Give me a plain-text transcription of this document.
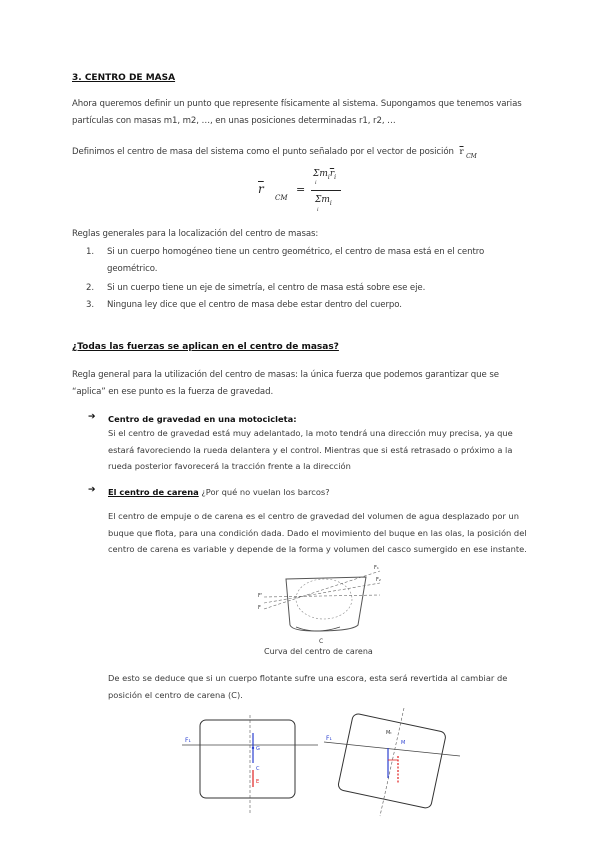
3. CENTRO DE MASA
Ahora queremos definir un punto que represente físicamente al sistema. Supongamos que tenemos varias partículas con masas m1, m2, …, en unas posiciones determinadas r1, r2, …
Definimos el centro de masa del sistema como el punto señalado por el vector de posición $\overline{r}$ $_{CM}$
$\overline{r}$
CM
=
$\Sigma m_i\overline{r}_i$
i
$\Sigma m_i$
i
Reglas generales para la localización del centro de masas:
1. Si un cuerpo homogéneo tiene un centro geométrico, el centro de masa está en el centro geométrico.
2. Si un cuerpo tiene un eje de simetría, el centro de masa está sobre ese eje.
3. Ninguna ley dice que el centro de masa debe estar dentro del cuerpo.
¿Todas las fuerzas se aplican en el centro de masas?
Regla general para la utilización del centro de masas: la única fuerza que podemos garantizar que se “aplica” en ese punto es la fuerza de gravedad.
➔ Centro de gravedad en una motocicleta:
Si el centro de gravedad está muy adelantado, la moto tendrá una dirección muy precisa, ya que estará favoreciendo la rueda delantera y el control. Mientras que si está retrasado o próximo a la rueda posterior favorecerá la tracción frente a la dirección
➔ El centro de carena ¿Por qué no vuelan los barcos?
El centro de empuje o de carena es el centro de gravedad del volumen de agua desplazado por un buque que flota, para una condición dada. Dado el movimiento del buque en las olas, la posición del centro de carena es variable y depende de la forma y volumen del casco sumergido en ese instante.
C
F
F'
F₁
F₂
Curva del centro de carena
De esto se deduce que si un cuerpo flotante sufre una escora, esta será revertida al cambiar de posición el centro de carena (C).
F₁
G
C
E
F₁
Mₜ
M
